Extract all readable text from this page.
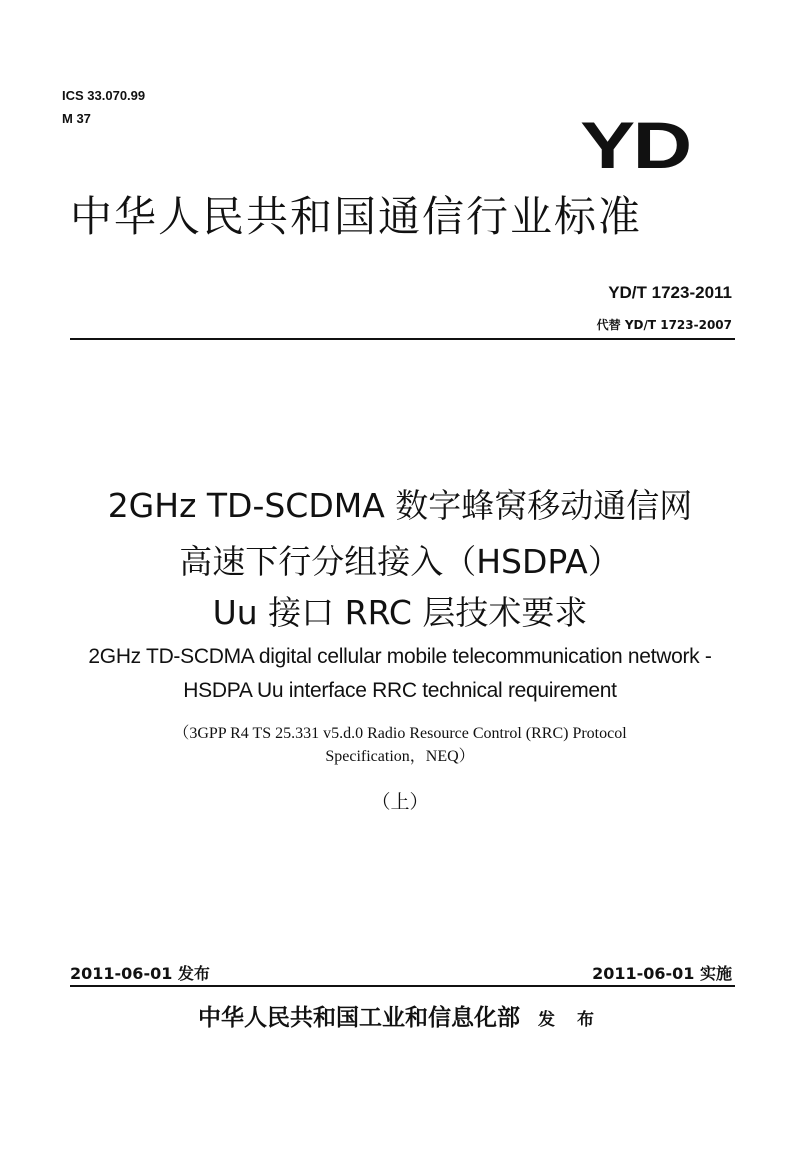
ICS 33.070.99
M 37	YD
中华人民共和国通信行业标准
YD/T 1723-2011
代替 YD/T 1723-2007
2GHz TD-SCDMA 数字蜂窝移动通信网
高速下行分组接入（HSDPA）
Uu 接口 RRC 层技术要求
2GHz TD-SCDMA digital cellular mobile telecommunication network -
HSDPA Uu interface RRC technical requirement
（3GPP R4 TS 25.331 v5.d.0 Radio Resource Control (RRC) Protocol
Specification，NEQ）
（上）
2011-06-01 发布	2011-06-01 实施
中华人民共和国工业和信息化部 发 布
